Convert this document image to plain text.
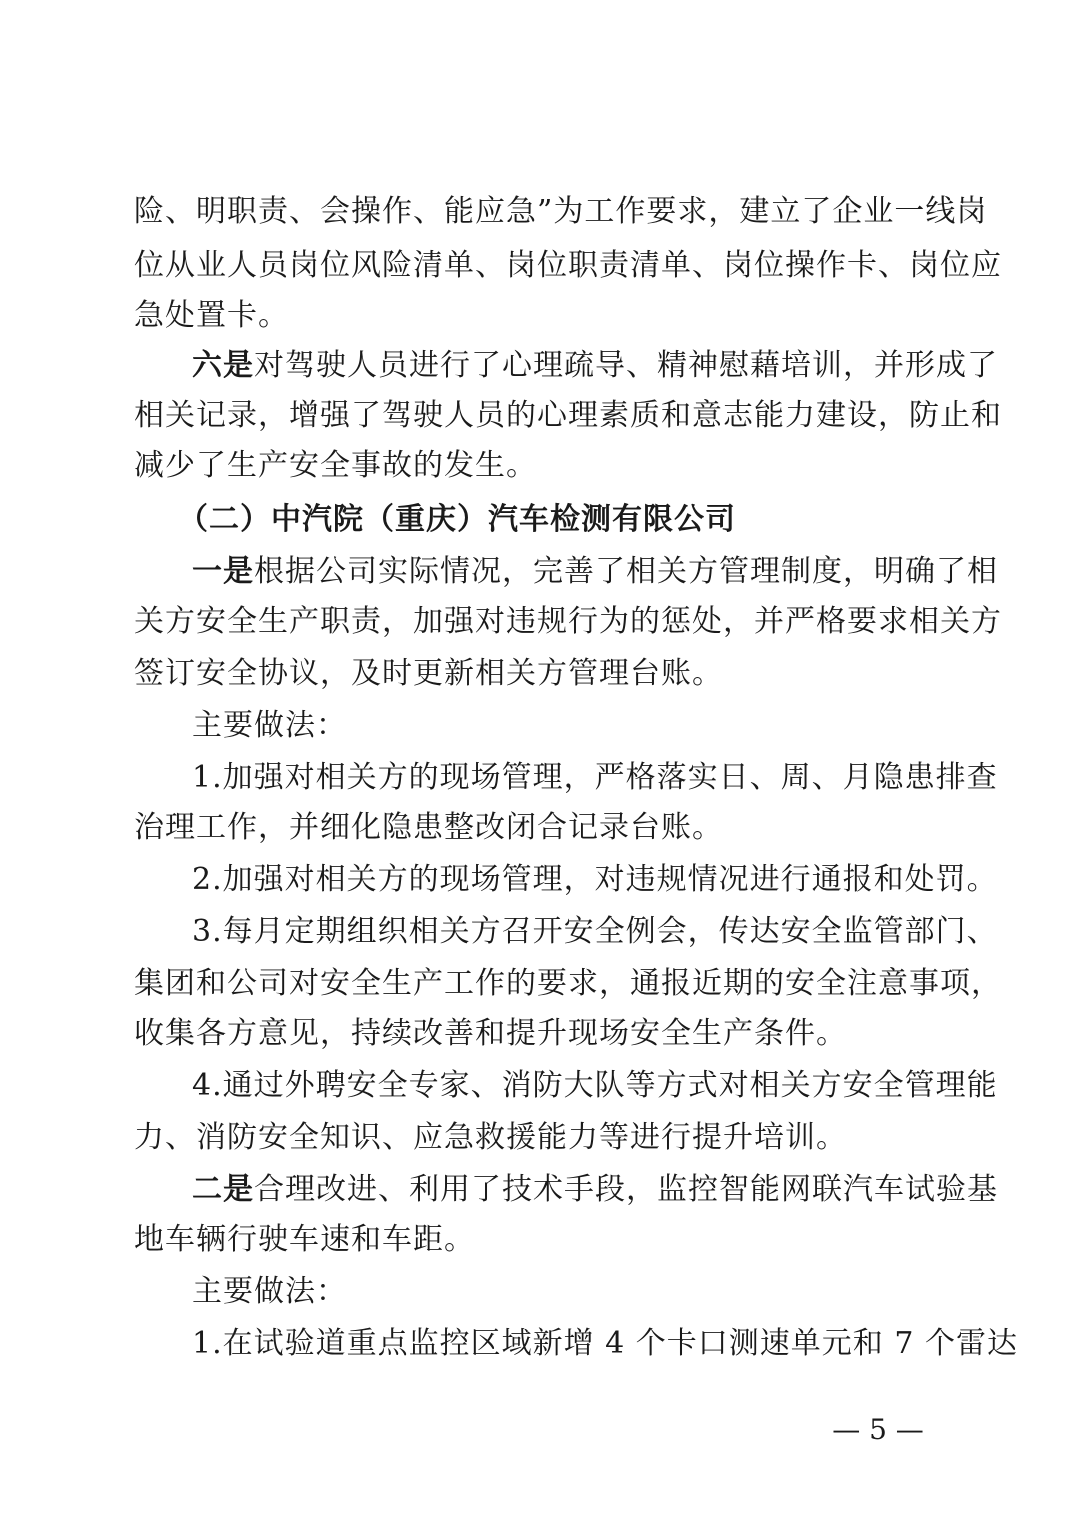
险、明职责、会操作、能应急”为工作要求，建立了企业一线岗
位从业人员岗位风险清单、岗位职责清单、岗位操作卡、岗位应
急处置卡。
六是对驾驶人员进行了心理疏导、精神慰藉培训，并形成了
相关记录，增强了驾驶人员的心理素质和意志能力建设，防止和
减少了生产安全事故的发生。
（二）中汽院（重庆）汽车检测有限公司
一是根据公司实际情况，完善了相关方管理制度，明确了相
关方安全生产职责，加强对违规行为的惩处，并严格要求相关方
签订安全协议，及时更新相关方管理台账。
主要做法：
1.加强对相关方的现场管理，严格落实日、周、月隐患排查
治理工作，并细化隐患整改闭合记录台账。
2.加强对相关方的现场管理，对违规情况进行通报和处罚。
3.每月定期组织相关方召开安全例会，传达安全监管部门、
集团和公司对安全生产工作的要求，通报近期的安全注意事项，
收集各方意见，持续改善和提升现场安全生产条件。
4.通过外聘安全专家、消防大队等方式对相关方安全管理能
力、消防安全知识、应急救援能力等进行提升培训。
二是合理改进、利用了技术手段，监控智能网联汽车试验基
地车辆行驶车速和车距。
主要做法：
1.在试验道重点监控区域新增 4 个卡口测速单元和 7 个雷达
— 5 —
